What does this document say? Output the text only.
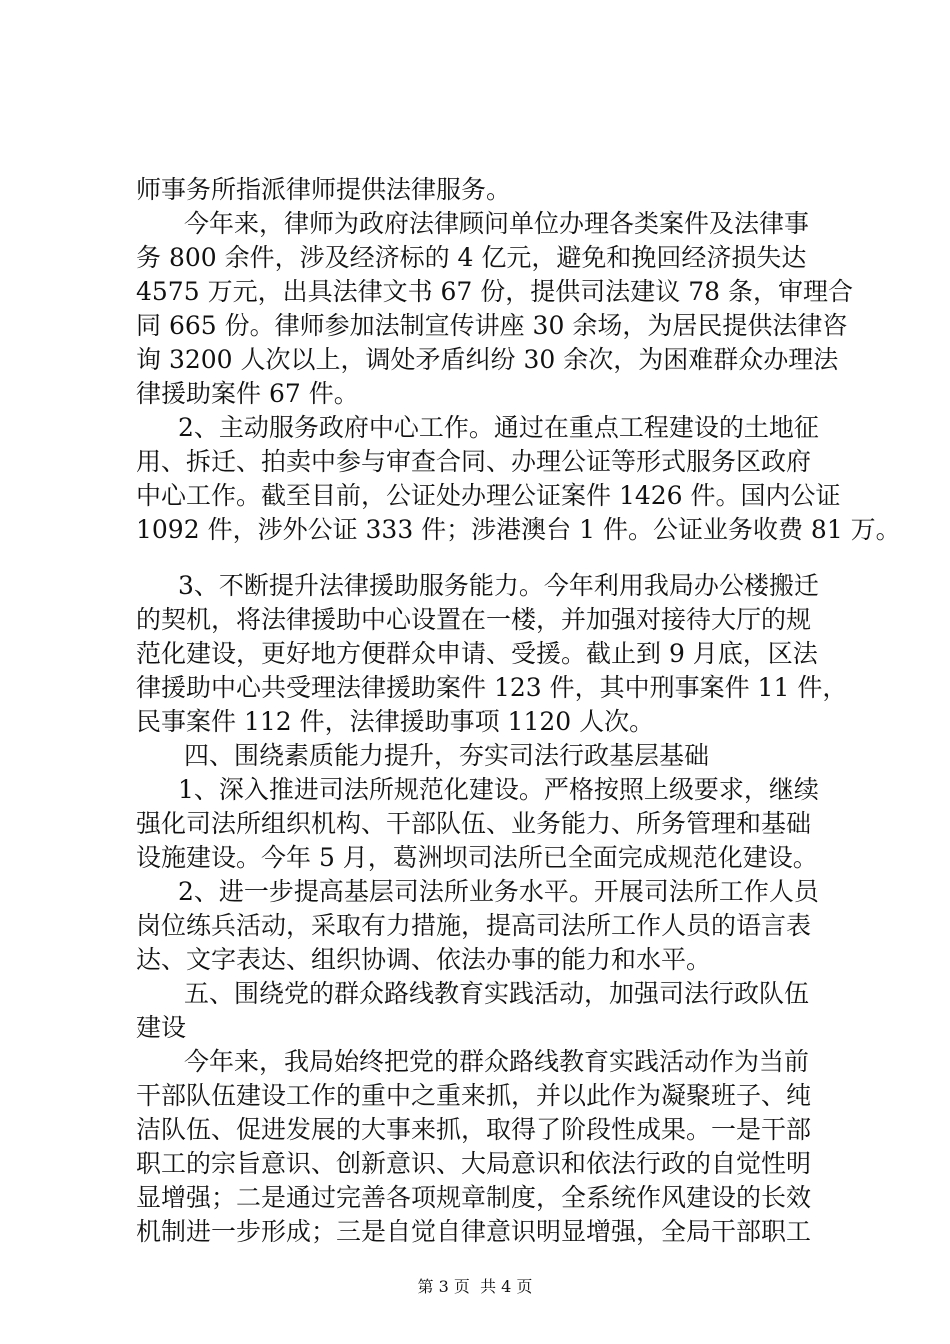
师事务所指派律师提供法律服务。
今年来，律师为政府法律顾问单位办理各类案件及法律事
务 800 余件，涉及经济标的 4 亿元，避免和挽回经济损失达
4575 万元，出具法律文书 67 份，提供司法建议 78 条，审理合
同 665 份。律师参加法制宣传讲座 30 余场，为居民提供法律咨
询 3200 人次以上，调处矛盾纠纷 30 余次，为困难群众办理法
律援助案件 67 件。
2、主动服务政府中心工作。通过在重点工程建设的土地征
用、拆迁、拍卖中参与审查合同、办理公证等形式服务区政府
中心工作。截至目前，公证处办理公证案件 1426 件。国内公证
1092 件，涉外公证 333 件；涉港澳台 1 件。公证业务收费 81 万。
3、不断提升法律援助服务能力。今年利用我局办公楼搬迁
的契机，将法律援助中心设置在一楼，并加强对接待大厅的规
范化建设，更好地方便群众申请、受援。截止到 9 月底，区法
律援助中心共受理法律援助案件 123 件，其中刑事案件 11 件，
民事案件 112 件，法律援助事项 1120 人次。
四、围绕素质能力提升，夯实司法行政基层基础
1、深入推进司法所规范化建设。严格按照上级要求，继续
强化司法所组织机构、干部队伍、业务能力、所务管理和基础
设施建设。今年 5 月，葛洲坝司法所已全面完成规范化建设。
2、进一步提高基层司法所业务水平。开展司法所工作人员
岗位练兵活动，采取有力措施，提高司法所工作人员的语言表
达、文字表达、组织协调、依法办事的能力和水平。
五、围绕党的群众路线教育实践活动，加强司法行政队伍
建设
今年来，我局始终把党的群众路线教育实践活动作为当前
干部队伍建设工作的重中之重来抓，并以此作为凝聚班子、纯
洁队伍、促进发展的大事来抓，取得了阶段性成果。一是干部
职工的宗旨意识、创新意识、大局意识和依法行政的自觉性明
显增强；二是通过完善各项规章制度，全系统作风建设的长效
机制进一步形成；三是自觉自律意识明显增强，全局干部职工
第 3 页  共 4 页
